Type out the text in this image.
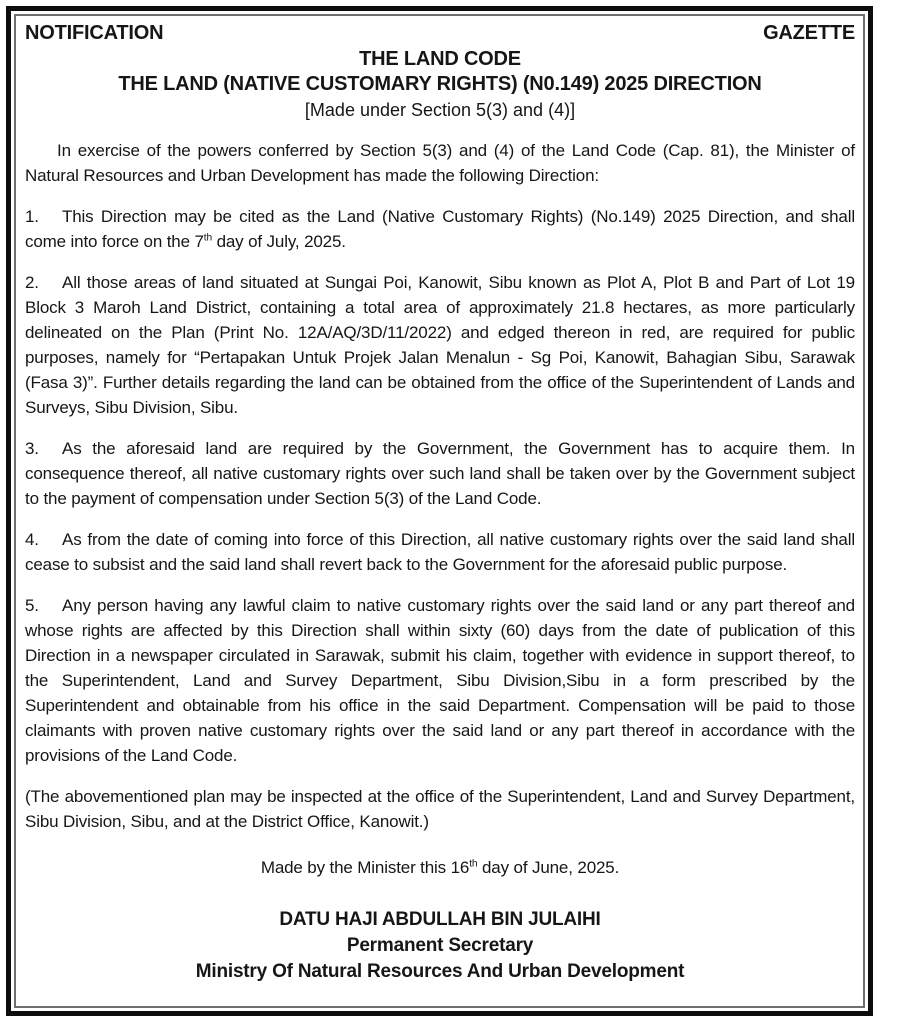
NOTIFICATION	GAZETTE
THE LAND CODE
THE LAND (NATIVE CUSTOMARY RIGHTS) (N0.149) 2025 DIRECTION
[Made under Section 5(3) and (4)]

In exercise of the powers conferred by Section 5(3) and (4) of the Land Code (Cap. 81), the Minister of Natural Resources and Urban Development has made the following Direction:

1. This Direction may be cited as the Land (Native Customary Rights) (No.149) 2025 Direction, and shall come into force on the 7th day of July, 2025.

2. All those areas of land situated at Sungai Poi, Kanowit, Sibu known as Plot A, Plot B and Part of Lot 19 Block 3 Maroh Land District, containing a total area of approximately 21.8 hectares, as more particularly delineated on the Plan (Print No. 12A/AQ/3D/11/2022) and edged thereon in red, are required for public purposes, namely for “Pertapakan Untuk Projek Jalan Menalun - Sg Poi, Kanowit, Bahagian Sibu, Sarawak (Fasa 3)”. Further details regarding the land can be obtained from the office of the Superintendent of Lands and Surveys, Sibu Division, Sibu.

3. As the aforesaid land are required by the Government, the Government has to acquire them. In consequence thereof, all native customary rights over such land shall be taken over by the Government subject to the payment of compensation under Section 5(3) of the Land Code.

4. As from the date of coming into force of this Direction, all native customary rights over the said land shall cease to subsist and the said land shall revert back to the Government for the aforesaid public purpose.

5. Any person having any lawful claim to native customary rights over the said land or any part thereof and whose rights are affected by this Direction shall within sixty (60) days from the date of publication of this Direction in a newspaper circulated in Sarawak, submit his claim, together with evidence in support thereof, to the Superintendent, Land and Survey Department, Sibu Division,Sibu in a form prescribed by the Superintendent and obtainable from his office in the said Department. Compensation will be paid to those claimants with proven native customary rights over the said land or any part thereof in accordance with the provisions of the Land Code.

(The abovementioned plan may be inspected at the office of the Superintendent, Land and Survey Department, Sibu Division, Sibu, and at the District Office, Kanowit.)

Made by the Minister this 16th day of June, 2025.

DATU HAJI ABDULLAH BIN JULAIHI
Permanent Secretary
Ministry Of Natural Resources And Urban Development
